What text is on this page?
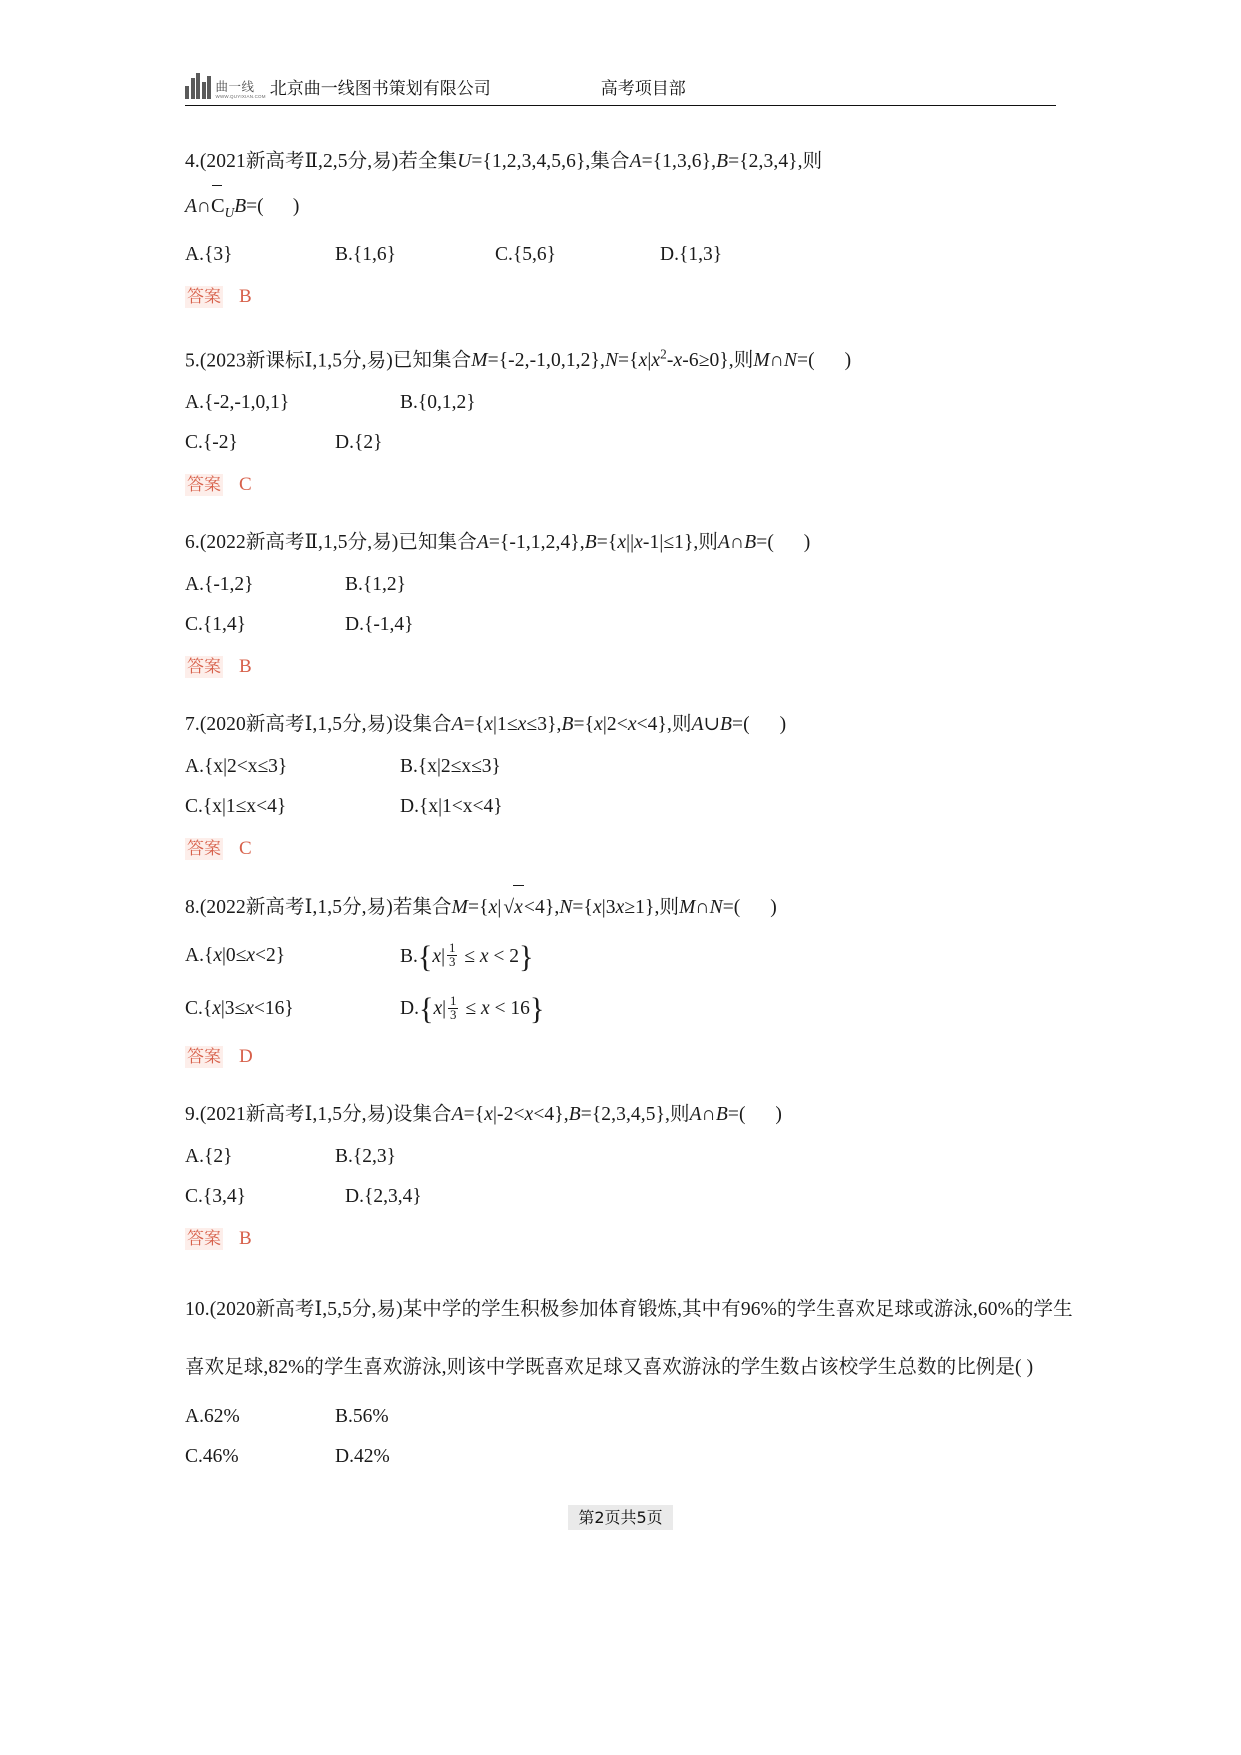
曲一线
WWW.QUYIXIAN.COM 北京曲一线图书策划有限公司	高考项目部
4.(2021新高考Ⅱ,2,5分,易)若全集U={1,2,3,4,5,6},集合A={1,3,6},B={2,3,4},则
$A\cap C_UB=$(      )
A.{3}	B.{1,6}	C.{5,6}	D.{1,3}
答案 B
5.(2023新课标Ⅰ,1,5分,易)已知集合$M=\{-2,-1,0,1,2\},N=\{x|x^2-x-6\ge 0\}$,则M∩N=(      )
A.{-2,-1,0,1}	B.{0,1,2}
C.{-2}	D.{2}
答案 C
6.(2022新高考Ⅱ,1,5分,易)已知集合A={-1,1,2,4},B={x||x-1|≤1},则A∩B=(      )
A.{-1,2}	B.{1,2}
C.{1,4}	D.{-1,4}
答案 B
7.(2020新高考Ⅰ,1,5分,易)设集合A={x|1≤x≤3},B={x|2<x<4},则A∪B=(      )
A.{x|2<x≤3}	B.{x|2≤x≤3}
C.{x|1≤x<4}	D.{x|1<x<4}
答案 C
8.(2022新高考Ⅰ,1,5分,易)若集合M={x| √x<4},N={x|3x≥1},则M∩N=(      )
A.{x|0≤x<2}	B. { x | $\frac{1}{3} \le x < 2$ }
C.{x|3≤x<16}	D. { x | $\frac{1}{3} \le x < 16$ }
答案 D
9.(2021新高考Ⅰ,1,5分,易)设集合A={x|-2<x<4},B={2,3,4,5},则A∩B=(      )
A.{2}	B.{2,3}
C.{3,4}	D.{2,3,4}
答案 B
10.(2020新高考Ⅰ,5,5分,易)某中学的学生积极参加体育锻炼,其中有96%的学生喜欢足球或游泳,60%的学生喜欢足球,82%的学生喜欢游泳,则该中学既喜欢足球又喜欢游泳的学生数占该校学生总数的比例是( )
A.62%	B.56%
C.46%	D.42%
第2页共5页
